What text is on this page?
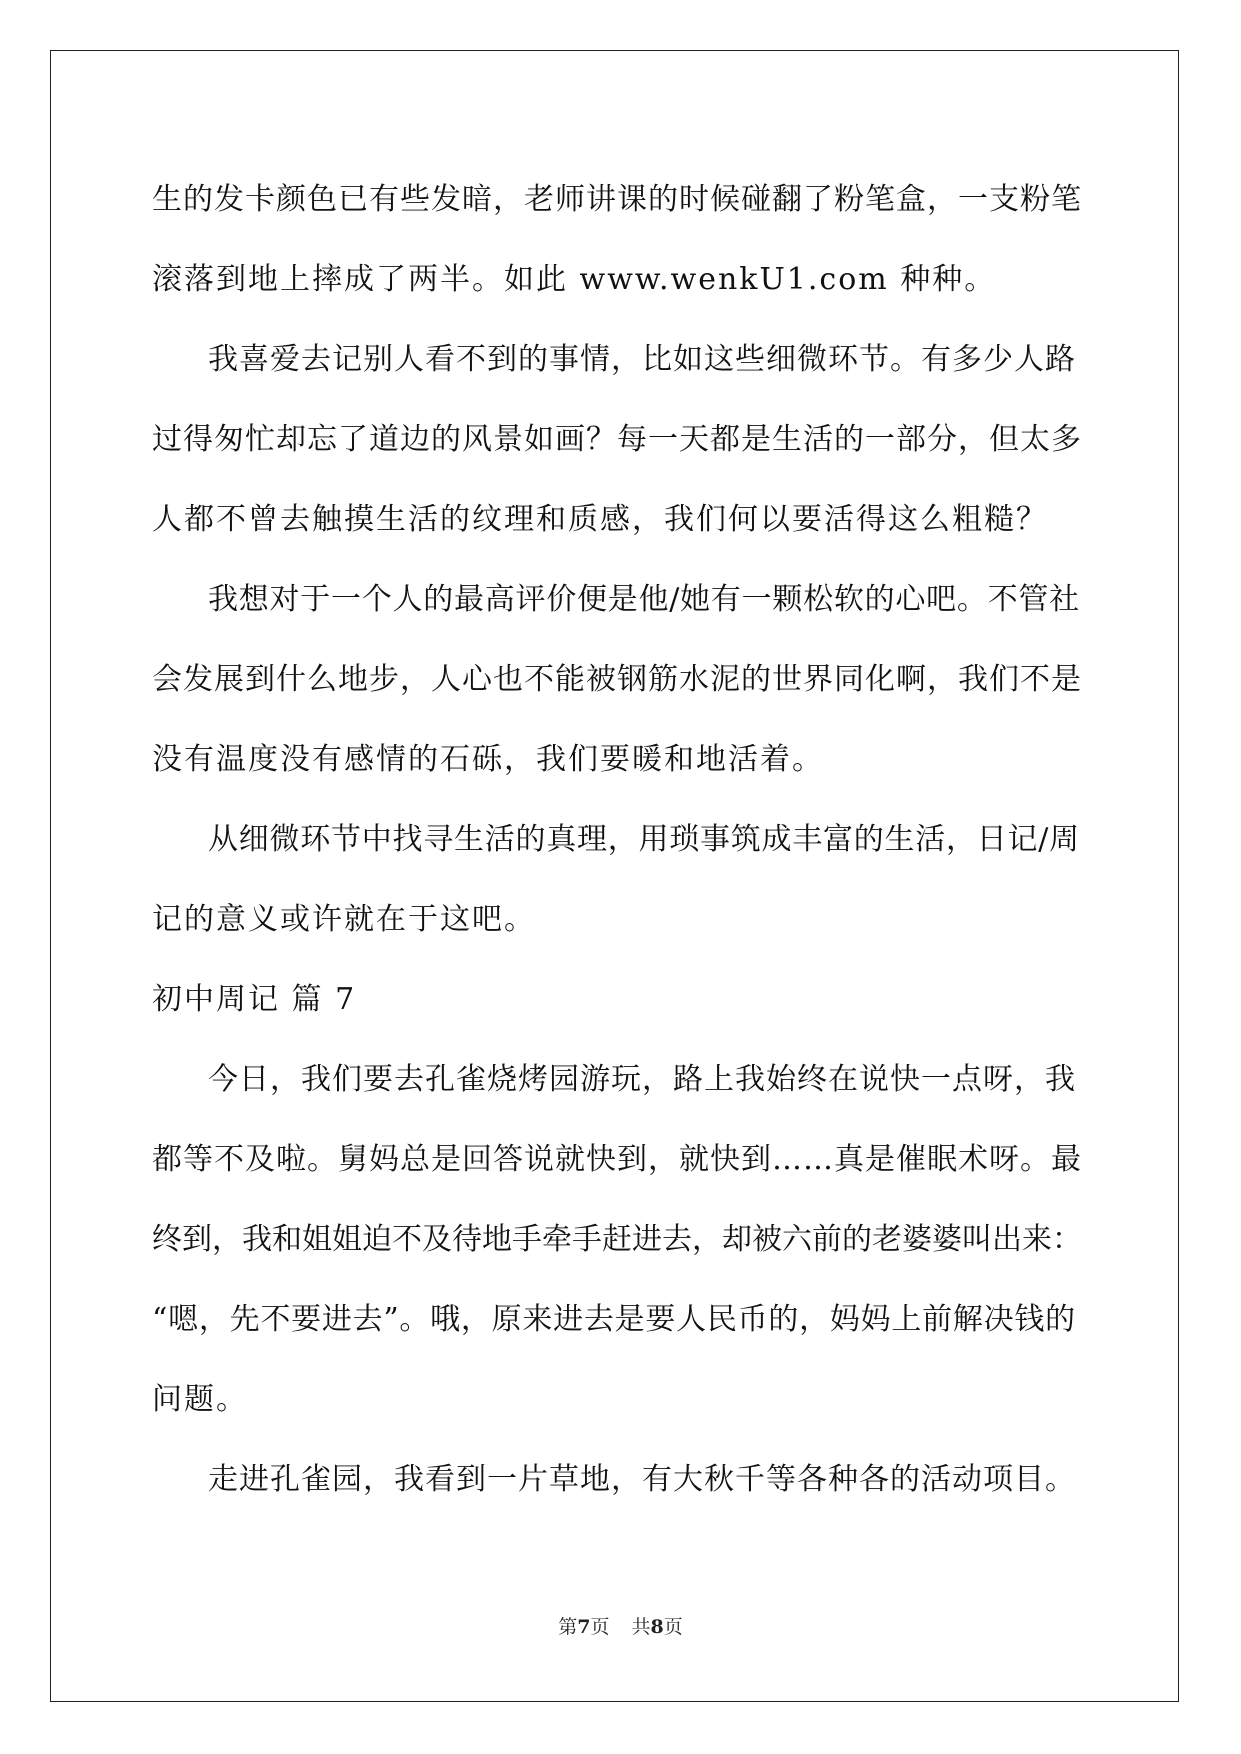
生的发卡颜色已有些发暗，老师讲课的时候碰翻了粉笔盒，一支粉笔
滚落到地上摔成了两半。如此 www.wenkU1.com 种种。

我喜爱去记别人看不到的事情，比如这些细微环节。有多少人路
过得匆忙却忘了道边的风景如画？每一天都是生活的一部分，但太多
人都不曾去触摸生活的纹理和质感，我们何以要活得这么粗糙？

我想对于一个人的最高评价便是他/她有一颗松软的心吧。不管社
会发展到什么地步，人心也不能被钢筋水泥的世界同化啊，我们不是
没有温度没有感情的石砾，我们要暖和地活着。

从细微环节中找寻生活的真理，用琐事筑成丰富的生活，日记/周
记的意义或许就在于这吧。

初中周记 篇 7

今日，我们要去孔雀烧烤园游玩，路上我始终在说快一点呀，我
都等不及啦。舅妈总是回答说就快到，就快到……真是催眠术呀。最
终到，我和姐姐迫不及待地手牵手赶进去，却被六前的老婆婆叫出来：
“嗯，先不要进去”。哦，原来进去是要人民币的，妈妈上前解决钱的
问题。

走进孔雀园，我看到一片草地，有大秋千等各种各的活动项目。

第7页 共8页
